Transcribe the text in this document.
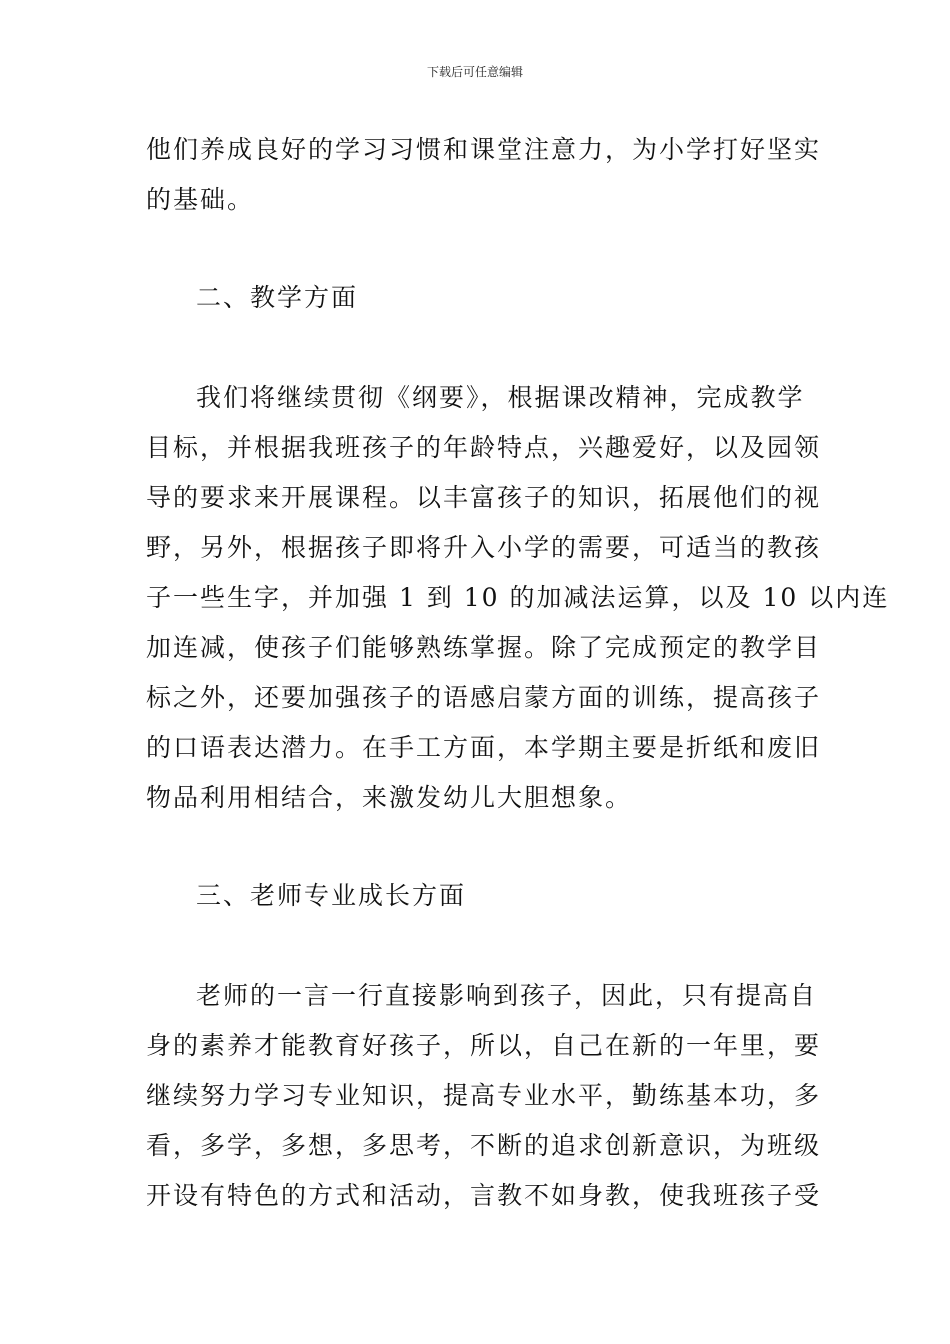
下载后可任意编辑
他们养成良好的学习习惯和课堂注意力，为小学打好坚实
的基础。
二、教学方面
我们将继续贯彻《纲要》，根据课改精神，完成教学
目标，并根据我班孩子的年龄特点，兴趣爱好，以及园领
导的要求来开展课程。以丰富孩子的知识，拓展他们的视
野，另外，根据孩子即将升入小学的需要，可适当的教孩
子一些生字，并加强 1 到 10 的加减法运算，以及 10 以内连
加连减，使孩子们能够熟练掌握。除了完成预定的教学目
标之外，还要加强孩子的语感启蒙方面的训练，提高孩子
的口语表达潜力。在手工方面，本学期主要是折纸和废旧
物品利用相结合，来激发幼儿大胆想象。
三、老师专业成长方面
老师的一言一行直接影响到孩子，因此，只有提高自
身的素养才能教育好孩子，所以，自己在新的一年里，要
继续努力学习专业知识，提高专业水平，勤练基本功，多
看，多学，多想，多思考，不断的追求创新意识，为班级
开设有特色的方式和活动，言教不如身教，使我班孩子受
